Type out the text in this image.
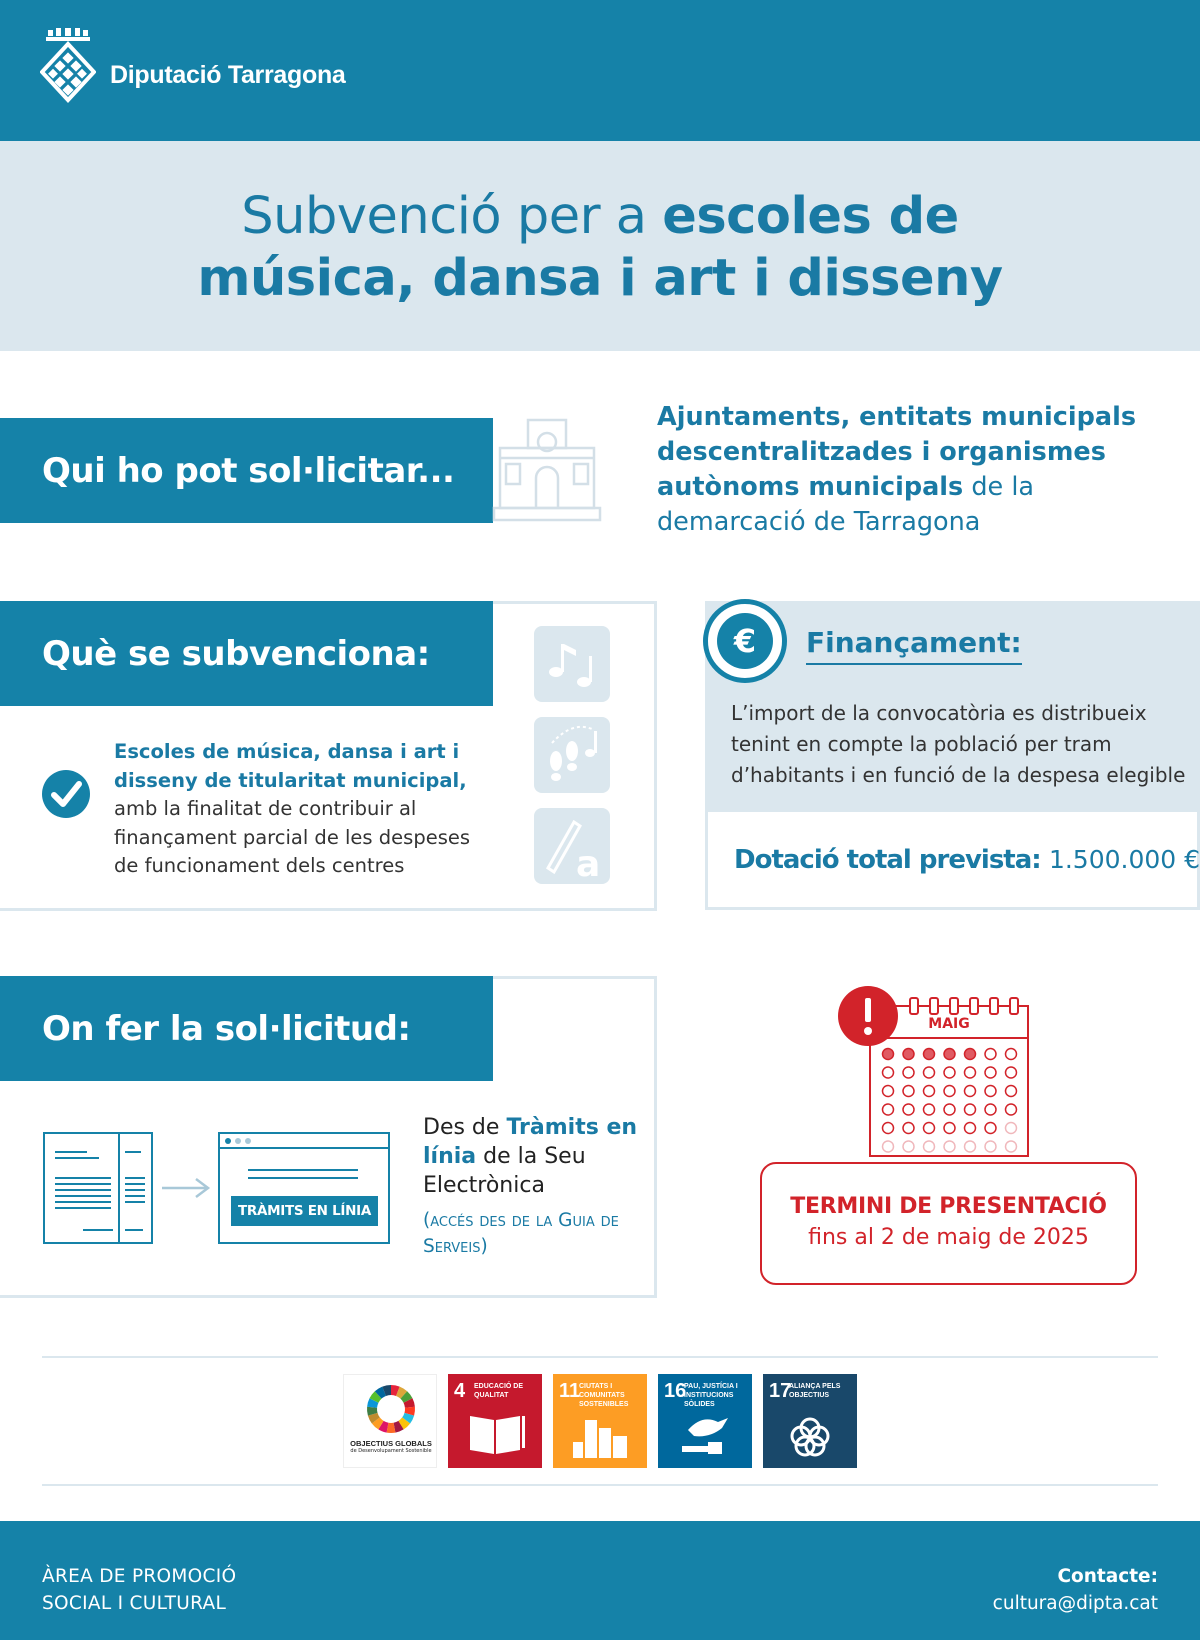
Diputació Tarragona
Subvenció per a escoles de
música, dansa i art i disseny
Qui ho pot sol·licitar...
Ajuntaments, entitats municipals descentralitzades i organismes autònoms municipals de la demarcació de Tarragona
Què se subvenciona:
Escoles de música, dansa i art i disseny de titularitat municipal, amb la finalitat de contribuir al finançament parcial de les despeses de funcionament dels centres	a
€	Finançament:
L’import de la convocatòria es distribueix tenint en compte la població per tram d’habitants i en funció de la despesa elegible
Dotació total prevista: 1.500.000 €
On fer la sol·licitud:
TRÀMITS EN LÍNIA
Des de Tràmits en línia de la Seu Electrònica
(accés des de la Guia de Serveis)
MAIG
TERMINI DE PRESENTACIÓ
fins al 2 de maig de 2025
OBJECTIUS GLOBALS
de Desenvolupament Sostenible
4 EDUCACIÓ DE QUALITAT	11
CIUTATS I COMUNITATS SOSTENIBLES
16
PAU, JUSTÍCIA I INSTITUCIONS SÒLIDES
17
ALIANÇA PELS OBJECTIUS
ÀREA DE PROMOCIÓ
SOCIAL I CULTURAL
Contacte:
cultura@dipta.cat
